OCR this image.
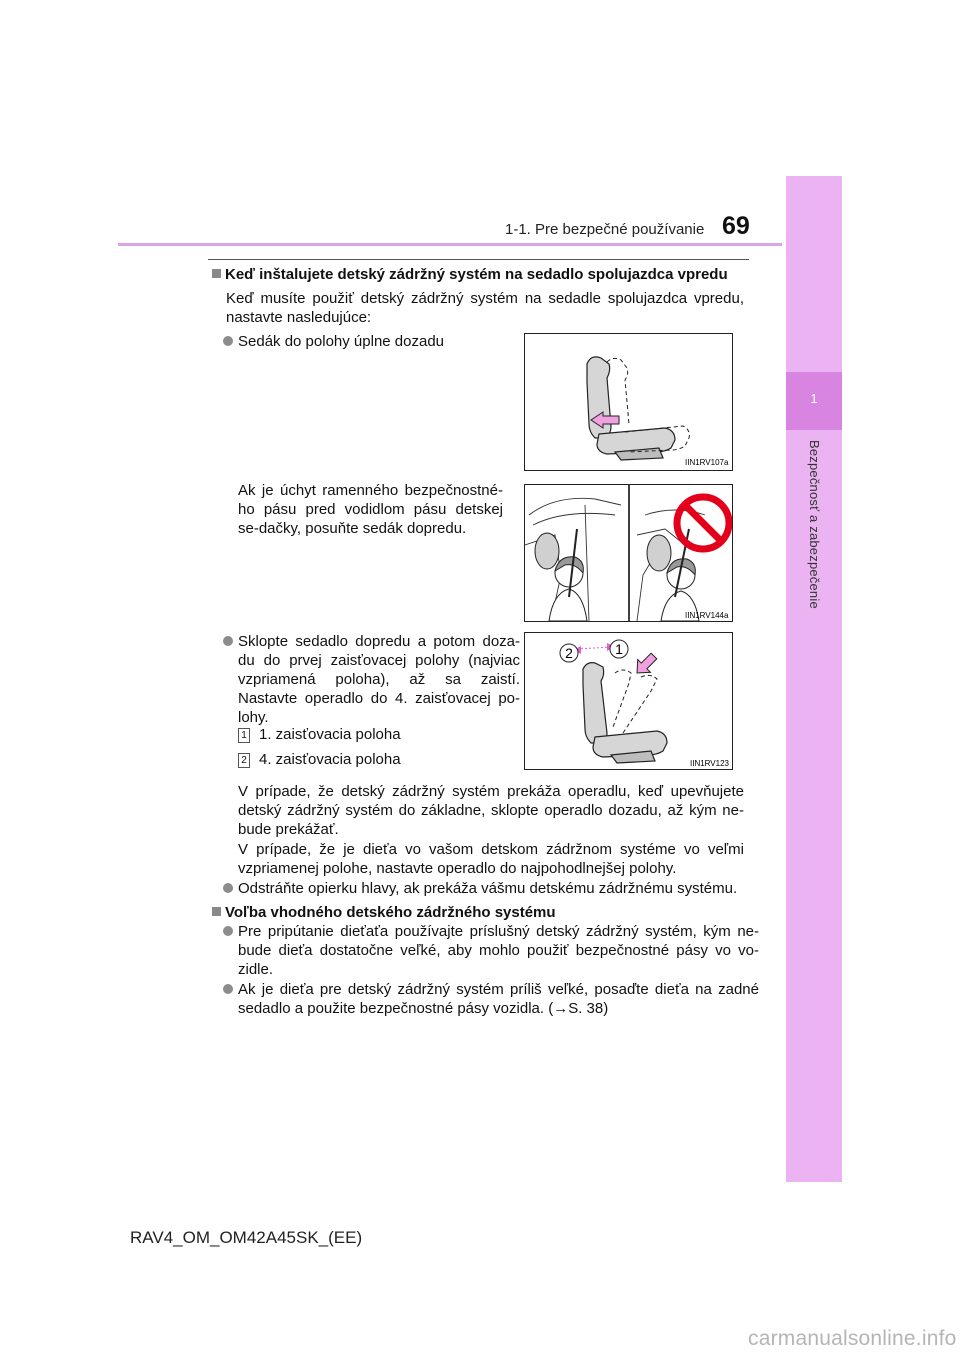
1-1. Pre bezpečné používanie 69
1
Bezpečnosť a zabezpečenie
Keď inštalujete detský zádržný systém na sedadlo spolujazdca vpredu
Keď musíte použiť detský zádržný systém na sedadle spolujazdca vpredu, nastavte nasledujúce:
Sedák do polohy úplne dozadu
Ak je úchyt ramenného bezpečnostné-ho pásu pred vodidlom pásu detskej se-dačky, posuňte sedák dopredu.
Sklopte sedadlo dopredu a potom doza-du do prvej zaisťovacej polohy (najviac vzpriamená poloha), až sa zaistí. Nastavte operadlo do 4. zaisťovacej po-lohy.
1 1. zaisťovacia poloha
2 4. zaisťovacia poloha
V prípade, že detský zádržný systém prekáža operadlu, keď upevňujete detský zádržný systém do základne, sklopte operadlo dozadu, až kým ne-bude prekážať.
V prípade, že je dieťa vo vašom detskom zádržnom systéme vo veľmi vzpriamenej polohe, nastavte operadlo do najpohodlnejšej polohy.
Odstráňte opierku hlavy, ak prekáža vášmu detskému zádržnému systému.
Voľba vhodného detského zádržného systému
Pre pripútanie dieťaťa používajte príslušný detský zádržný systém, kým ne-bude dieťa dostatočne veľké, aby mohlo použiť bezpečnostné pásy vo vo-zidle.
Ak je dieťa pre detský zádržný systém príliš veľké, posaďte dieťa na zadné sedadlo a použite bezpečnostné pásy vozidla. (→S. 38)
IIN1RV107a
IIN1RV144a
2	1
IIN1RV123
RAV4_OM_OM42A45SK_(EE)
carmanualsonline.info
